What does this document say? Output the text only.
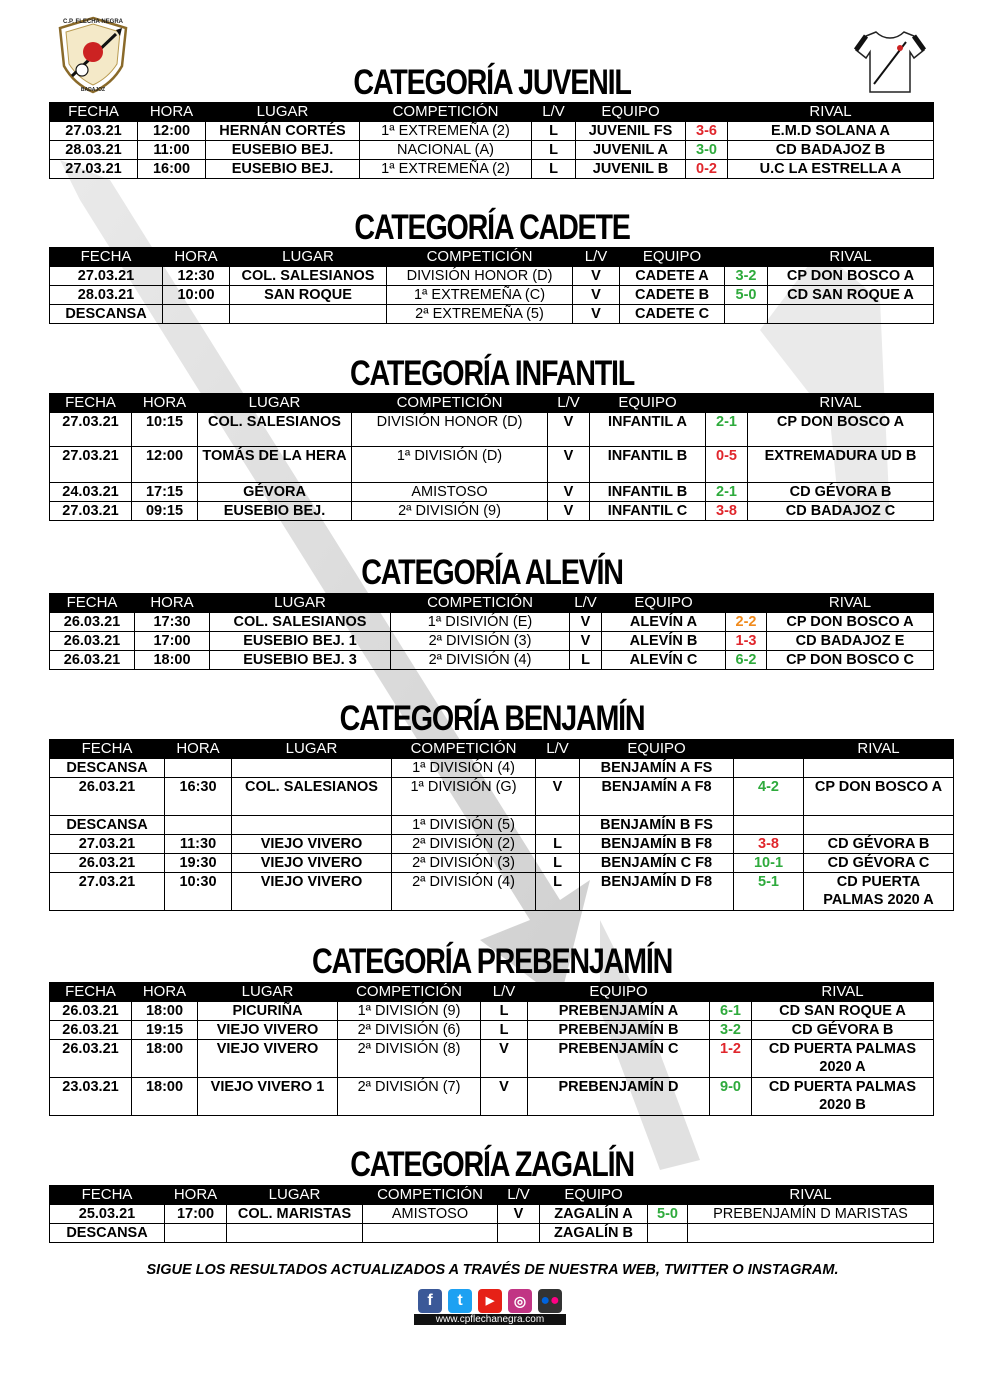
C.P. FLECHA NEGRA
BADAJOZ	CATEGORÍA JUVENIL
FECHA	HORA	LUGAR	COMPETICIÓN	L/V	EQUIPO		RIVAL
27.03.21	12:00	HERNÁN CORTÉS	1ª EXTREMEÑA (2)	L	JUVENIL FS	3-6	E.M.D SOLANA A
28.03.21	11:00	EUSEBIO BEJ.	NACIONAL (A)	L	JUVENIL A	3-0	CD BADAJOZ B
27.03.21	16:00	EUSEBIO BEJ.	1ª EXTREMEÑA (2)	L	JUVENIL B	0-2	U.C LA ESTRELLA A
CATEGORÍA CADETE
FECHA	HORA	LUGAR	COMPETICIÓN	L/V	EQUIPO		RIVAL
27.03.21	12:30	COL. SALESIANOS	DIVISIÓN HONOR (D)	V	CADETE A	3-2	CP DON BOSCO A
28.03.21	10:00	SAN ROQUE	1ª EXTREMEÑA (C)	V	CADETE B	5-0	CD SAN ROQUE A
DESCANSA			2ª EXTREMEÑA (5)	V	CADETE C		
CATEGORÍA INFANTIL
FECHA	HORA	LUGAR	COMPETICIÓN	L/V	EQUIPO		RIVAL
27.03.21	10:15	COL. SALESIANOS	DIVISIÓN HONOR (D)	V	INFANTIL A	2-1	CP DON BOSCO A
27.03.21	12:00	TOMÁS DE LA HERA	1ª DIVISIÓN (D)	V	INFANTIL B	0-5	EXTREMADURA UD B
24.03.21	17:15	GÉVORA	AMISTOSO	V	INFANTIL B	2-1	CD GÉVORA B
27.03.21	09:15	EUSEBIO BEJ.	2ª DIVISIÓN (9)	V	INFANTIL C	3-8	CD BADAJOZ C
CATEGORÍA ALEVÍN
FECHA	HORA	LUGAR	COMPETICIÓN	L/V	EQUIPO		RIVAL
26.03.21	17:30	COL. SALESIANOS	1ª DISIVIÓN (E)	V	ALEVÍN A	2-2	CP DON BOSCO A
26.03.21	17:00	EUSEBIO BEJ. 1	2ª DIVISIÓN (3)	V	ALEVÍN B	1-3	CD BADAJOZ E
26.03.21	18:00	EUSEBIO BEJ. 3	2ª DIVISIÓN (4)	L	ALEVÍN C	6-2	CP DON BOSCO C
CATEGORÍA BENJAMÍN
FECHA	HORA	LUGAR	COMPETICIÓN	L/V	EQUIPO		RIVAL
DESCANSA			1ª DIVISIÓN (4)		BENJAMÍN A FS		
26.03.21	16:30	COL. SALESIANOS	1ª DIVISIÓN (G)	V	BENJAMÍN A F8	4-2	CP DON BOSCO A
DESCANSA			1ª DIVISIÓN (5)		BENJAMÍN B FS		
27.03.21	11:30	VIEJO VIVERO	2ª DIVISIÓN (2)	L	BENJAMÍN B F8	3-8	CD GÉVORA B
26.03.21	19:30	VIEJO VIVERO	2ª DIVISIÓN (3)	L	BENJAMÍN C F8	10-1	CD GÉVORA C
27.03.21	10:30	VIEJO VIVERO	2ª DIVISIÓN (4)	L	BENJAMÍN D F8	5-1	CD PUERTA PALMAS 2020 A
CATEGORÍA PREBENJAMÍN
FECHA	HORA	LUGAR	COMPETICIÓN	L/V	EQUIPO		RIVAL
26.03.21	18:00	PICURIÑA	1ª DIVISIÓN (9)	L	PREBENJAMÍN A	6-1	CD SAN ROQUE A
26.03.21	19:15	VIEJO VIVERO	2ª DIVISIÓN (6)	L	PREBENJAMÍN B	3-2	CD GÉVORA B
26.03.21	18:00	VIEJO VIVERO	2ª DIVISIÓN (8)	V	PREBENJAMÍN C	1-2	CD PUERTA PALMAS 2020 A
23.03.21	18:00	VIEJO VIVERO 1	2ª DIVISIÓN (7)	V	PREBENJAMÍN D	9-0	CD PUERTA PALMAS 2020 B
CATEGORÍA ZAGALÍN
FECHA	HORA	LUGAR	COMPETICIÓN	L/V	EQUIPO		RIVAL
25.03.21	17:00	COL. MARISTAS	AMISTOSO	V	ZAGALÍN A	5-0	PREBENJAMÍN D MARISTAS
DESCANSA					ZAGALÍN B		
SIGUE LOS RESULTADOS ACTUALIZADOS A TRAVÉS DE NUESTRA WEB, TWITTER O INSTAGRAM.
f	t	▶	◎ ●●
www.cpflechanegra.com
